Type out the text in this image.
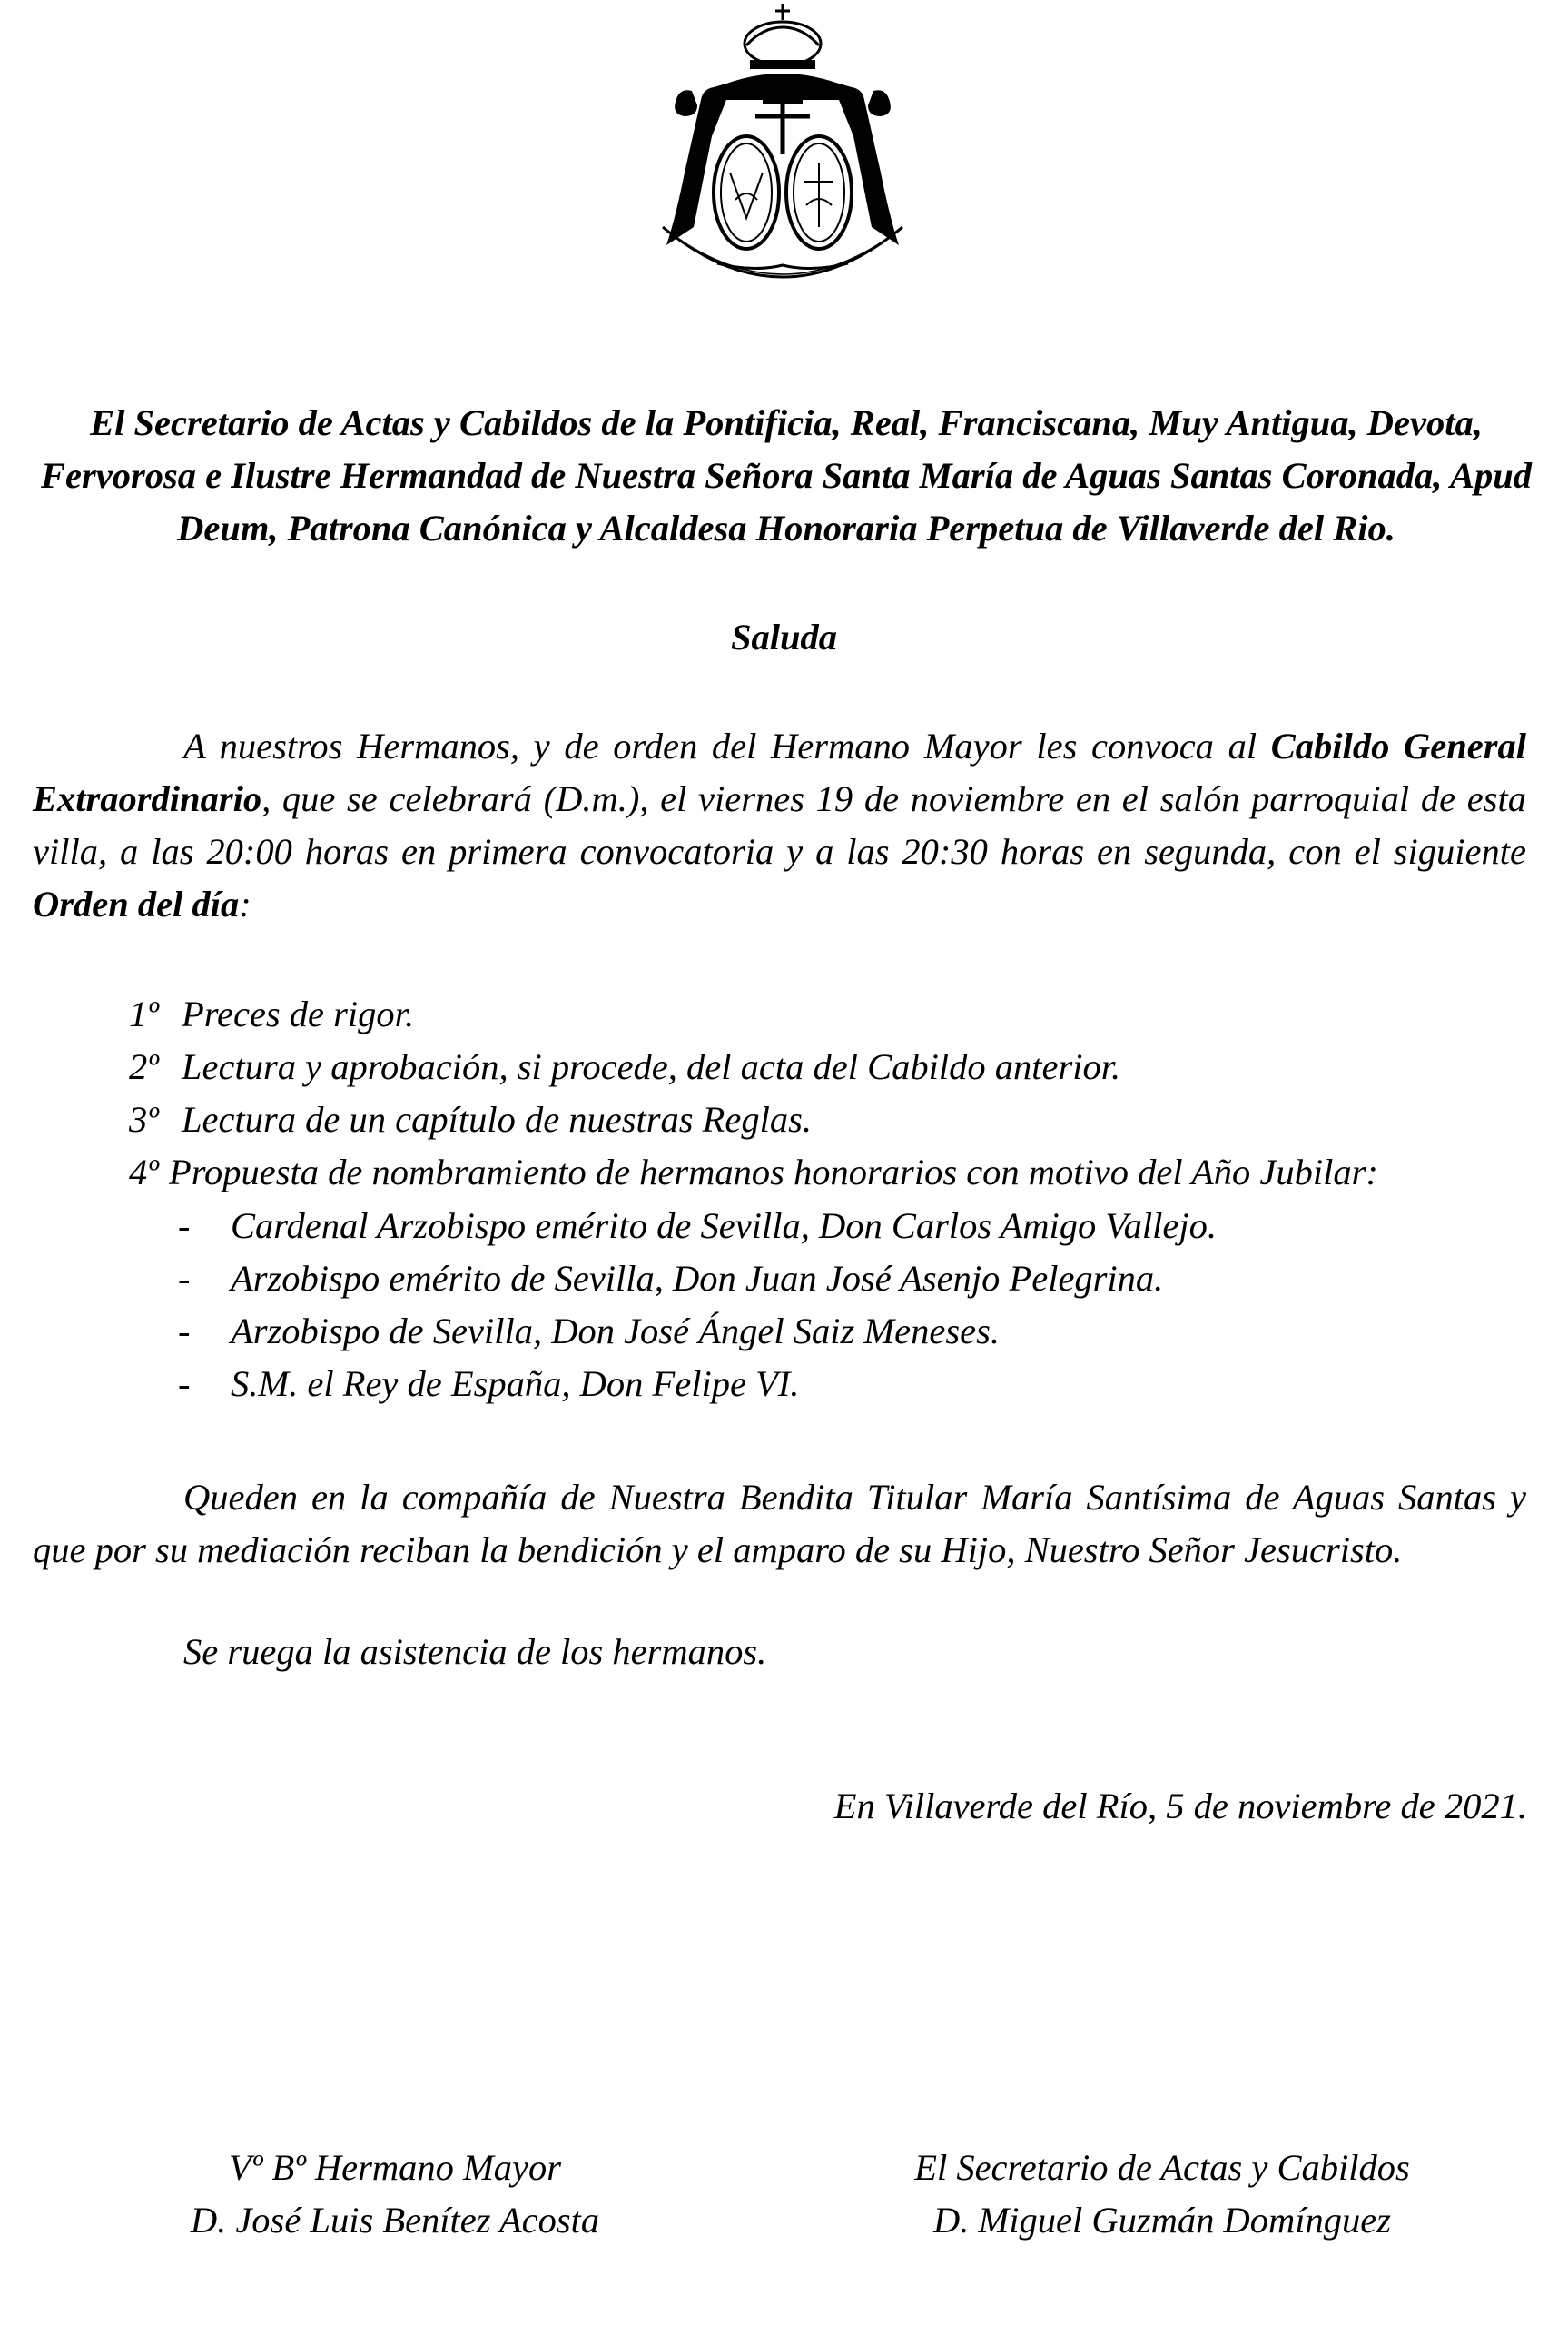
El Secretario de Actas y Cabildos de la Pontificia, Real, Franciscana, Muy Antigua, Devota, Fervorosa e Ilustre Hermandad de Nuestra Señora Santa María de Aguas Santas Coronada, Apud Deum, Patrona Canónica y Alcaldesa Honoraria Perpetua de Villaverde del Rio.

Saluda

A nuestros Hermanos, y de orden del Hermano Mayor les convoca al Cabildo General Extraordinario, que se celebrará (D.m.), el viernes 19 de noviembre en el salón parroquial de esta villa, a las 20:00 horas en primera convocatoria y a las 20:30 horas en segunda, con el siguiente Orden del día:

1º Preces de rigor.
2º Lectura y aprobación, si procede, del acta del Cabildo anterior.
3º Lectura de un capítulo de nuestras Reglas.
4º Propuesta de nombramiento de hermanos honorarios con motivo del Año Jubilar:
-	Cardenal Arzobispo emérito de Sevilla, Don Carlos Amigo Vallejo.
-	Arzobispo emérito de Sevilla, Don Juan José Asenjo Pelegrina.
-	Arzobispo de Sevilla, Don José Ángel Saiz Meneses.
-	S.M. el Rey de España, Don Felipe VI.

Queden en la compañía de Nuestra Bendita Titular María Santísima de Aguas Santas y que por su mediación reciban la bendición y el amparo de su Hijo, Nuestro Señor Jesucristo.

Se ruega la asistencia de los hermanos.

En Villaverde del Río, 5 de noviembre de 2021.

Vº Bº Hermano Mayor
D. José Luis Benítez Acosta
El Secretario de Actas y Cabildos
D. Miguel Guzmán Domínguez
